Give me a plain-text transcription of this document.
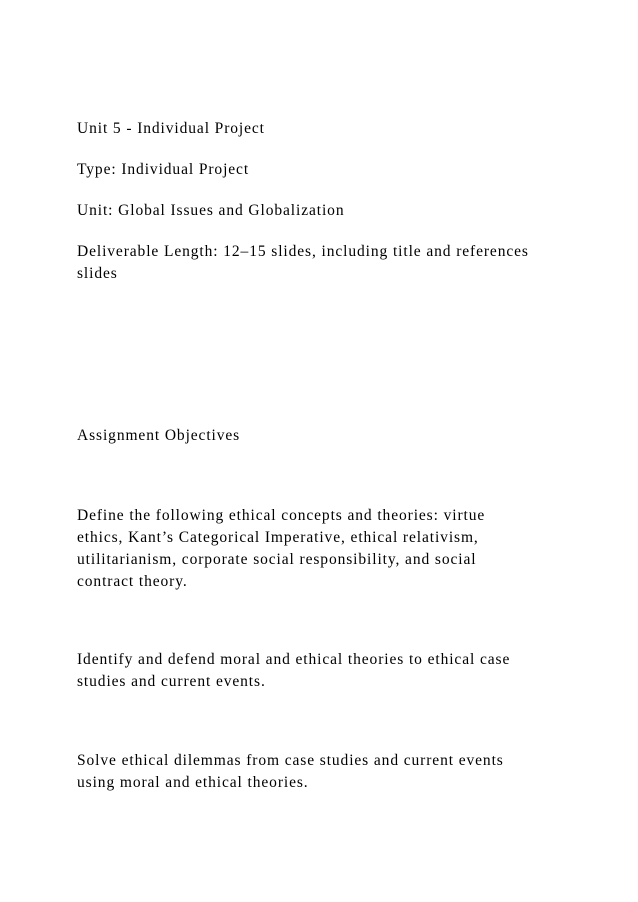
Unit 5 - Individual Project
Type: Individual Project
Unit: Global Issues and Globalization
Deliverable Length: 12–15 slides, including title and references
slides
Assignment Objectives
Define the following ethical concepts and theories: virtue
ethics, Kant’s Categorical Imperative, ethical relativism,
utilitarianism, corporate social responsibility, and social
contract theory.
Identify and defend moral and ethical theories to ethical case
studies and current events.
Solve ethical dilemmas from case studies and current events
using moral and ethical theories.
